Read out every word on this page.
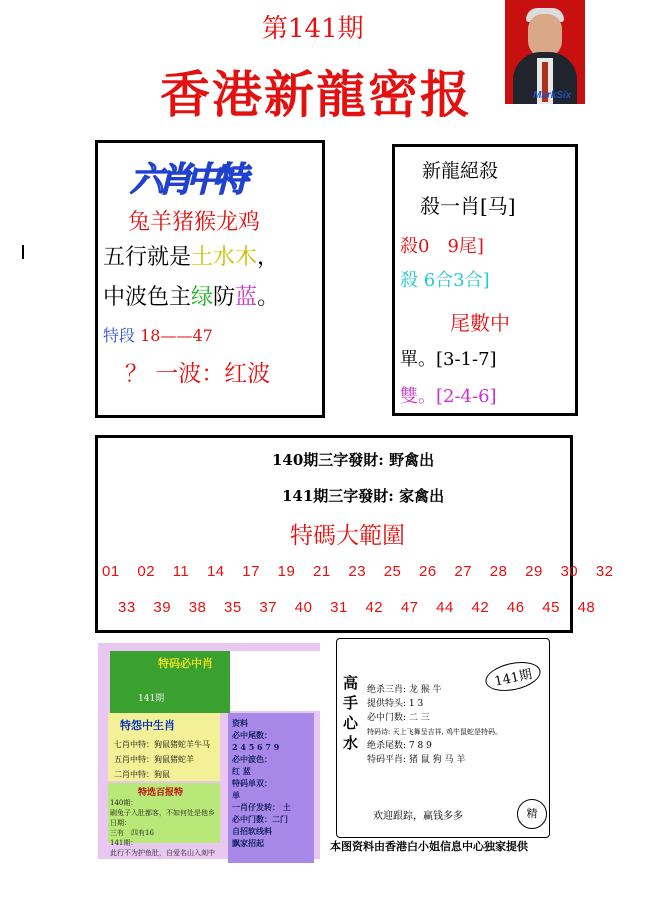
第141期
香港新龍密报	MarkSix
六肖中特
兔羊猪猴龙鸡
五行就是土水木，
中波色主绿防蓝。
特段 18——47
？ 一波：红波
新龍絕殺
殺一肖[马]
殺0　9尾]
殺 6合3合]
尾數中
單。[3-1-7]
雙。[2-4-6]
140期三字發財: 野禽出
141期三字發財: 家禽出
特碼大範圍
01 02 11 14 17 19 21 23 25 26 27 28 29 30 32
33 39 38 35 37 40 31 42 47 44 42 46 45 48
特码必中肖
141期
特怨中生肖
七肖中特：狗鼠猪蛇羊牛马
五肖中特：狗鼠猪蛇羊
二肖中特：狗鼠
特选百报特
140期：
刷兔子入肚都客，不如何处是他乡
日期：
三有　四有16
141期：
此行不为护鱼肚，自爱名山入剡中
资料
必中尾数：
2 4 5 6 7 9
必中波色：
红 蓝
特码单双：
单
一肖仔发转： 土
必中门数：二门
自招软线料
飘家招起
高
手
心
水
141期
绝杀三肖: 龙 猴 牛
提供特头: 1 3
必中门数: 二 三
特码诗: 天上飞舞呈吉祥, 鸡牛鼠蛇是特码。
绝杀尾数: 7 8 9
特码平肖: 猪 鼠 狗 马 羊
欢迎跟踪，赢钱多多	精
本图资料由香港白小姐信息中心独家提供
